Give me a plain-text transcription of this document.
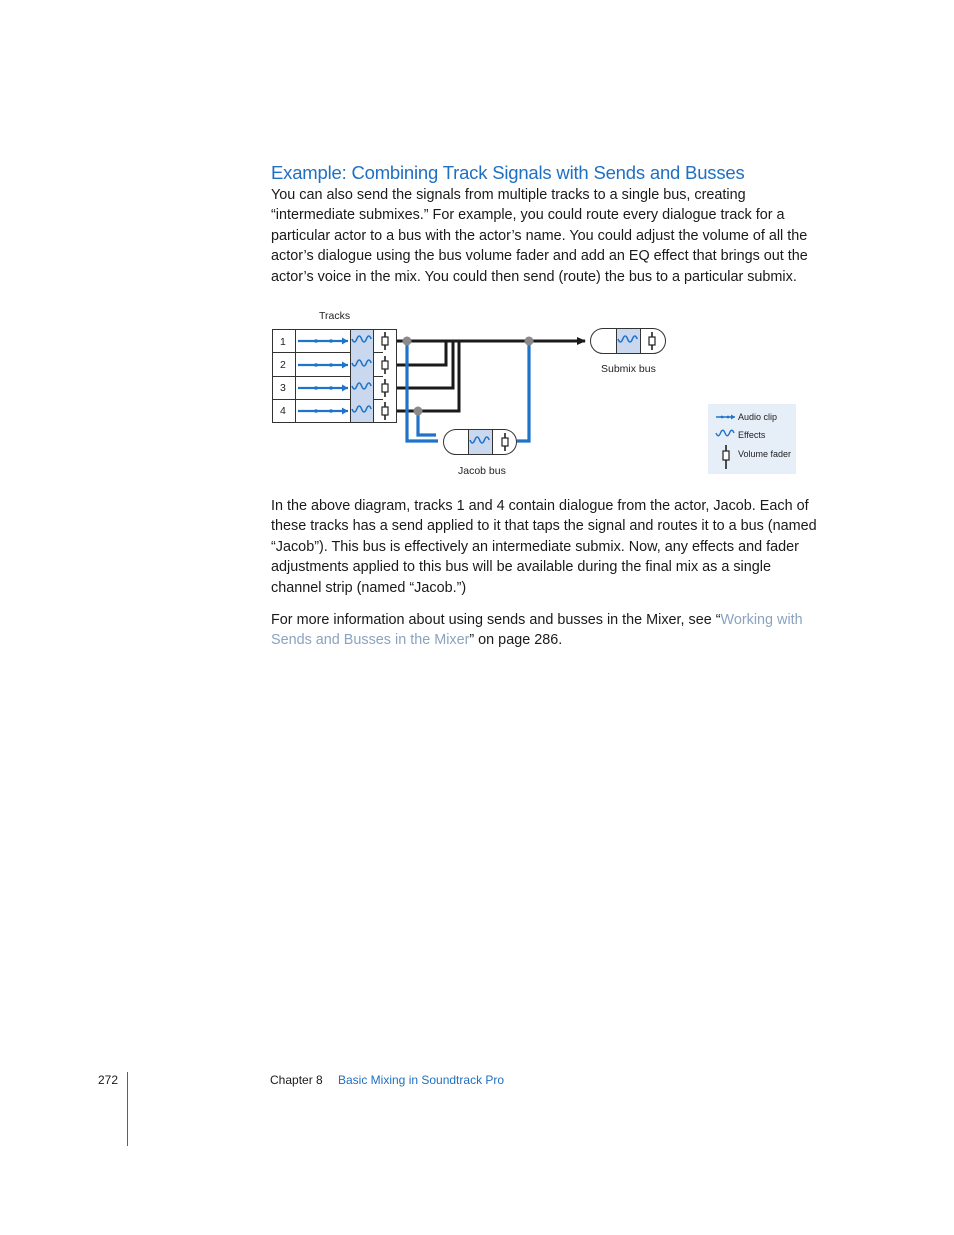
Example: Combining Track Signals with Sends and Busses

You can also send the signals from multiple tracks to a single bus, creating “intermediate submixes.” For example, you could route every dialogue track for a particular actor to a bus with the actor’s name. You could adjust the volume of all the actor’s dialogue using the bus volume fader and add an EQ effect that brings out the actor’s voice in the mix. You could then send (route) the bus to a particular submix.

Tracks
1
2
3
4
Submix bus
Jacob bus
Audio clip
Effects
Volume fader

In the above diagram, tracks 1 and 4 contain dialogue from the actor, Jacob. Each of these tracks has a send applied to it that taps the signal and routes it to a bus (named “Jacob”). This bus is effectively an intermediate submix. Now, any effects and fader adjustments applied to this bus will be available during the final mix as a single channel strip (named “Jacob.”)

For more information about using sends and busses in the Mixer, see “Working with Sends and Busses in the Mixer” on page 286.

272	Chapter 8 Basic Mixing in Soundtrack Pro
